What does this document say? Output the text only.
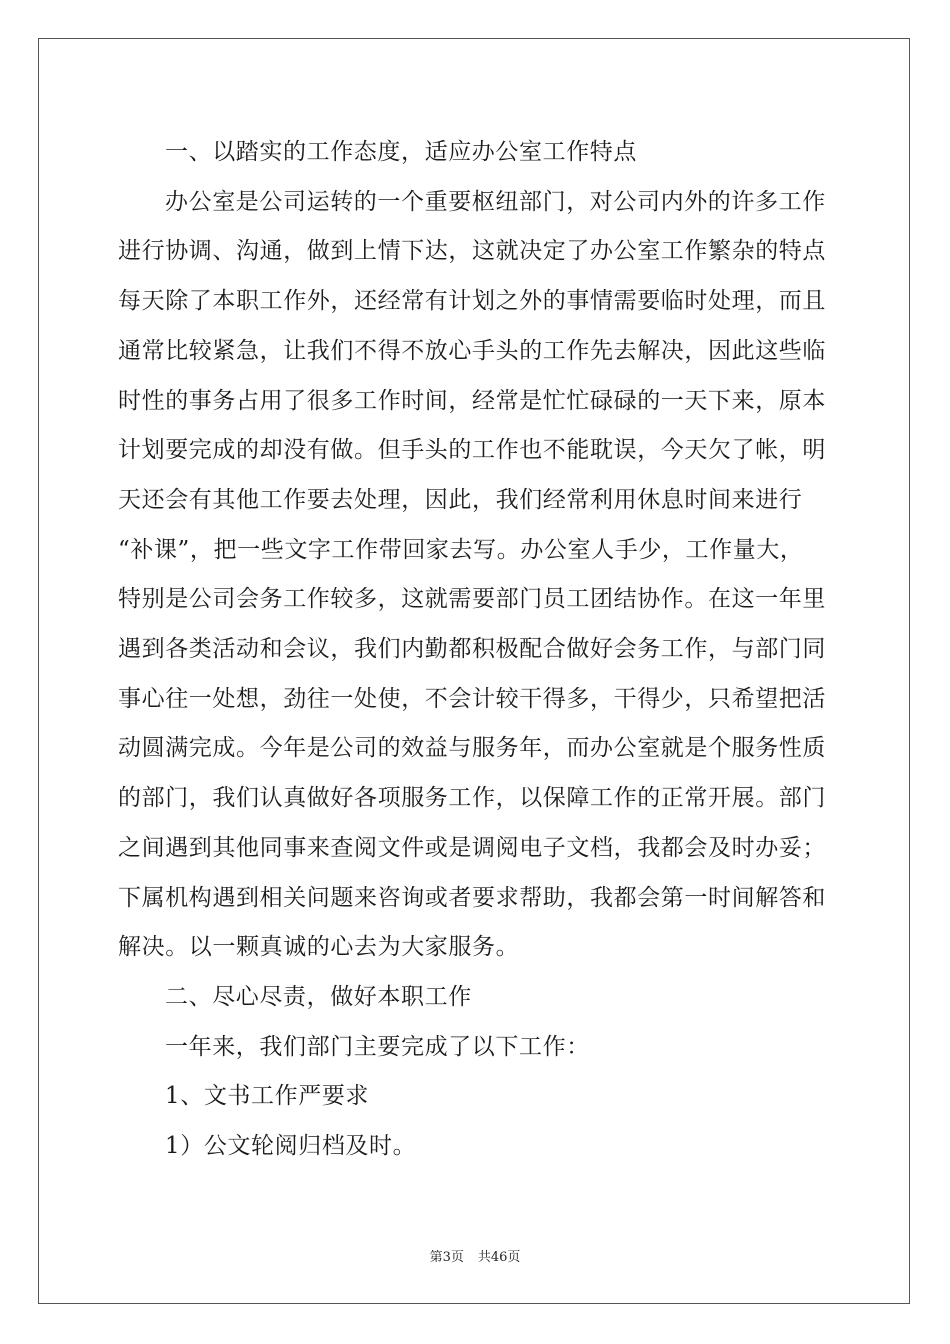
一、以踏实的工作态度，适应办公室工作特点

办公室是公司运转的一个重要枢纽部门，对公司内外的许多工作

进行协调、沟通，做到上情下达，这就决定了办公室工作繁杂的特点

每天除了本职工作外，还经常有计划之外的事情需要临时处理，而且

通常比较紧急，让我们不得不放心手头的工作先去解决，因此这些临

时性的事务占用了很多工作时间，经常是忙忙碌碌的一天下来，原本

计划要完成的却没有做。但手头的工作也不能耽误，今天欠了帐，明

天还会有其他工作要去处理，因此，我们经常利用休息时间来进行

“补课”，把一些文字工作带回家去写。办公室人手少，工作量大，

特别是公司会务工作较多，这就需要部门员工团结协作。在这一年里

遇到各类活动和会议，我们内勤都积极配合做好会务工作，与部门同

事心往一处想，劲往一处使，不会计较干得多，干得少，只希望把活

动圆满完成。今年是公司的效益与服务年，而办公室就是个服务性质

的部门，我们认真做好各项服务工作，以保障工作的正常开展。部门

之间遇到其他同事来查阅文件或是调阅电子文档，我都会及时办妥；

下属机构遇到相关问题来咨询或者要求帮助，我都会第一时间解答和

解决。以一颗真诚的心去为大家服务。

二、尽心尽责，做好本职工作

一年来，我们部门主要完成了以下工作：

1、文书工作严要求

1）公文轮阅归档及时。

第3页 共46页
